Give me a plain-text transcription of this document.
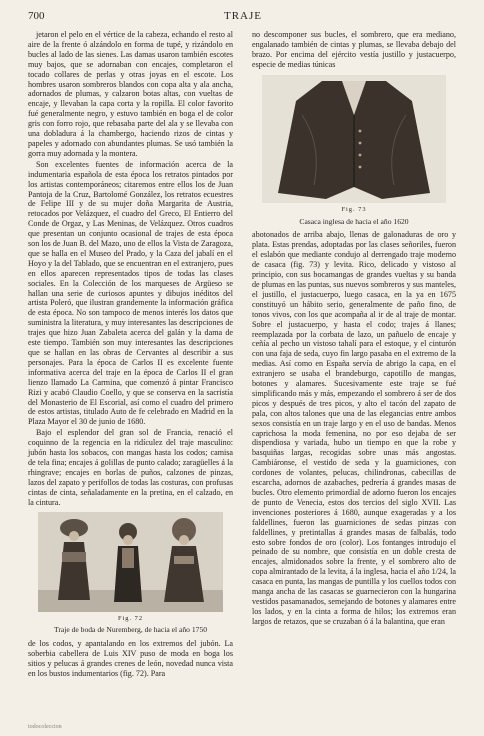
700	TRAJE

jetaron el pelo en el vértice de la cabeza, echando el resto al aire de la frente ó alzándolo en forma de tupé, y rizándolo en bucles al lado de las sienes. Las damas usaron también escotes muy bajos, que se adornaban con encajes, completaron el tocado collares de perlas y otras joyas en el escote. Los hombres usaron sombreros blandos con copa alta y ala ancha, adornados de plumas, y calzaron botas altas, con vueltas de encaje, y llevaban la capa corta y la ropilla. El color favorito fué generalmente negro, y estuvo también en boga el de color gris con forro rojo, que rebasaba parte del ala y se llevaba con una dobladura á la chambergo, haciendo rizos de cintas y papeles y adornado con abundantes plumas. Se usó también la gorra muy adornada y la montera.

Son excelentes fuentes de información acerca de la indumentaria española de esta época los retratos pintados por los artistas contemporáneos; citaremos entre ellos los de Juan Pantoja de la Cruz, Bartolomé González, los retratos ecuestres de Felipe III y de su mujer doña Margarita de Austria, retocados por Velázquez, el cuadro del Greco, El Entierro del Conde de Orgaz, y Las Meninas, de Velázquez. Otros cuadros que presentan un conjunto ocasional de trajes de esta época son los de Juan B. del Mazo, uno de ellos la Vista de Zaragoza, que se halla en el Museo del Prado, y la Caza del jabalí en el Hoyo y la del Tablado, que se encuentran en el extranjero, pues en ellos aparecen representados tipos de todas las clases sociales. En la Colección de los marqueses de Argüeso se hallan una serie de curiosos apuntes y dibujos inéditos del artista Poleró, que ilustran grandemente la información gráfica de esta época. No son tampoco de menos interés los datos que suministra la literatura, y muy interesantes las descripciones de trajes que hizo Juan Zabaleta acerca del galán y la dama de este tiempo. También son muy interesantes las descripciones que se hallan en las obras de Cervantes al describir a sus personajes. Para la época de Carlos II es excelente fuente informativa acerca del traje en la época de Carlos II el gran lienzo llamado La Carmina, que comenzó á pintar Francisco Rizi y acabó Claudio Coello, y que se conserva en la sacristía del Monasterio de El Escorial, así como el cuadro del primero de estos artistas, titulado Auto de fe celebrado en Madrid en la Plaza Mayor el 30 de junio de 1680.

Bajo el esplendor del gran sol de Francia, renació el coquinno de la regencia en la ridículez del traje masculino: jubón hasta los sobacos, con mangas hasta los codos; camisa de tela fina; encajes á golillas de punto calado; zaragüelles á la rhingrave; encajes en borlas de puños, calzones de pinzas, lazos del zapato y perifollos de todas las costuras, con profusas cintas de cinta, señaladamente en la pretina, en el calzado, en la cintura.

Fig. 72
Traje de boda de Nuremberg, de hacia el año 1750

de los codos, y apantalando en los extremos del jubón. La soberbia cabellera de Luis XIV puso de moda en boga los sitios y pelucas á grandes crenes de león, novedad nunca vista en los bustos indumentarios (fig. 72). Para

no descomponer sus bucles, el sombrero, que era mediano, engalanado también de cintas y plumas, se llevaba debajo del brazo. Por encima del ejército vestía justillo y justacuerpo, especie de medias túnicas

Fig. 73
Casaca inglesa de hacia el año 1620

abotonados de arriba abajo, llenas de galonaduras de oro y plata. Estas prendas, adoptadas por las clases señoriles, fueron el eslabón que mediante condujo al derrengado traje moderno de casaca (fig. 73) y levita. Rico, delicado y vistoso al principio, con sus bocamangas de grandes vueltas y su banda de plumas en las puntas, sus nuevos sombreros y sus manteles, el justillo, el justacuerpo, luego casaca, en la ya en 1675 constituyó un hábito serio, generalmente de paño fino, de tonos vivos, con los que acompaña al ir de al traje de montar. Sobre el justacuerpo, y hasta el codo; trajes á llanes; reemplazada por la corbata de lazo, un pañuelo de encaje y ceñía al pecho un vistoso tahalí para el estoque, y el cinturón con una faja de seda, cuyo fin largo pasaba en el extremo de la medias. Así como en España servía de abrigo la capa, en el extranjero se usaba el brandeburgo, capotillo de mangas, botones y alamares. Sucesivamente este traje se fué simplificando más y más, empezando el sombrero á ser de dos picos y después de tres picos, y alto el tacón del zapato de pala, con altos talones que una de las elegancias entre ambos sexos consistía en un traje largo y en el uso de bandas. Menos caprichosa la moda femenina, no por eso dejaba de ser dispendiosa y variada, hubo un tiempo en que la robe y basquiñas largas, recogidas sobre unas más angostas. Cambiáronse, el vestido de seda y la guarniciones, con cordones de volantes, pelucas, chilindronas, cabecillas de escarcha, adornos de azabaches, pedrería á grandes masas de bucles. Otro elemento primordial de adorno fueron los encajes de punto de Venecia, estos dos tercios del siglo XVII. Las invenciones posteriores á 1680, aunque exageradas y a los faldellines, fueron las guarniciones de sedas pinzas con faldellines, y pretintallas á grandes masas de falbalás, todo esto sobre fondos de oro (color). Los fontanges introdujo el peinado de su nombre, que consistía en un doble cresta de encajes, almidonados sobre la frente, y el sombrero alto de copa almirantado de la levita, á la inglesa, hacia el año 1/24, la casaca en punta, las mangas de puntilla y los cuellos todos con manga ancha de las casacas se guarnecieron con la hungarina vestidos pasamanados, semejando de botones y alamares entre los lados, y en la cinta a forma de hilos; los extremos eran largos de retazos, que se cruzaban ó á la balantina, que eran

todocoleccion
